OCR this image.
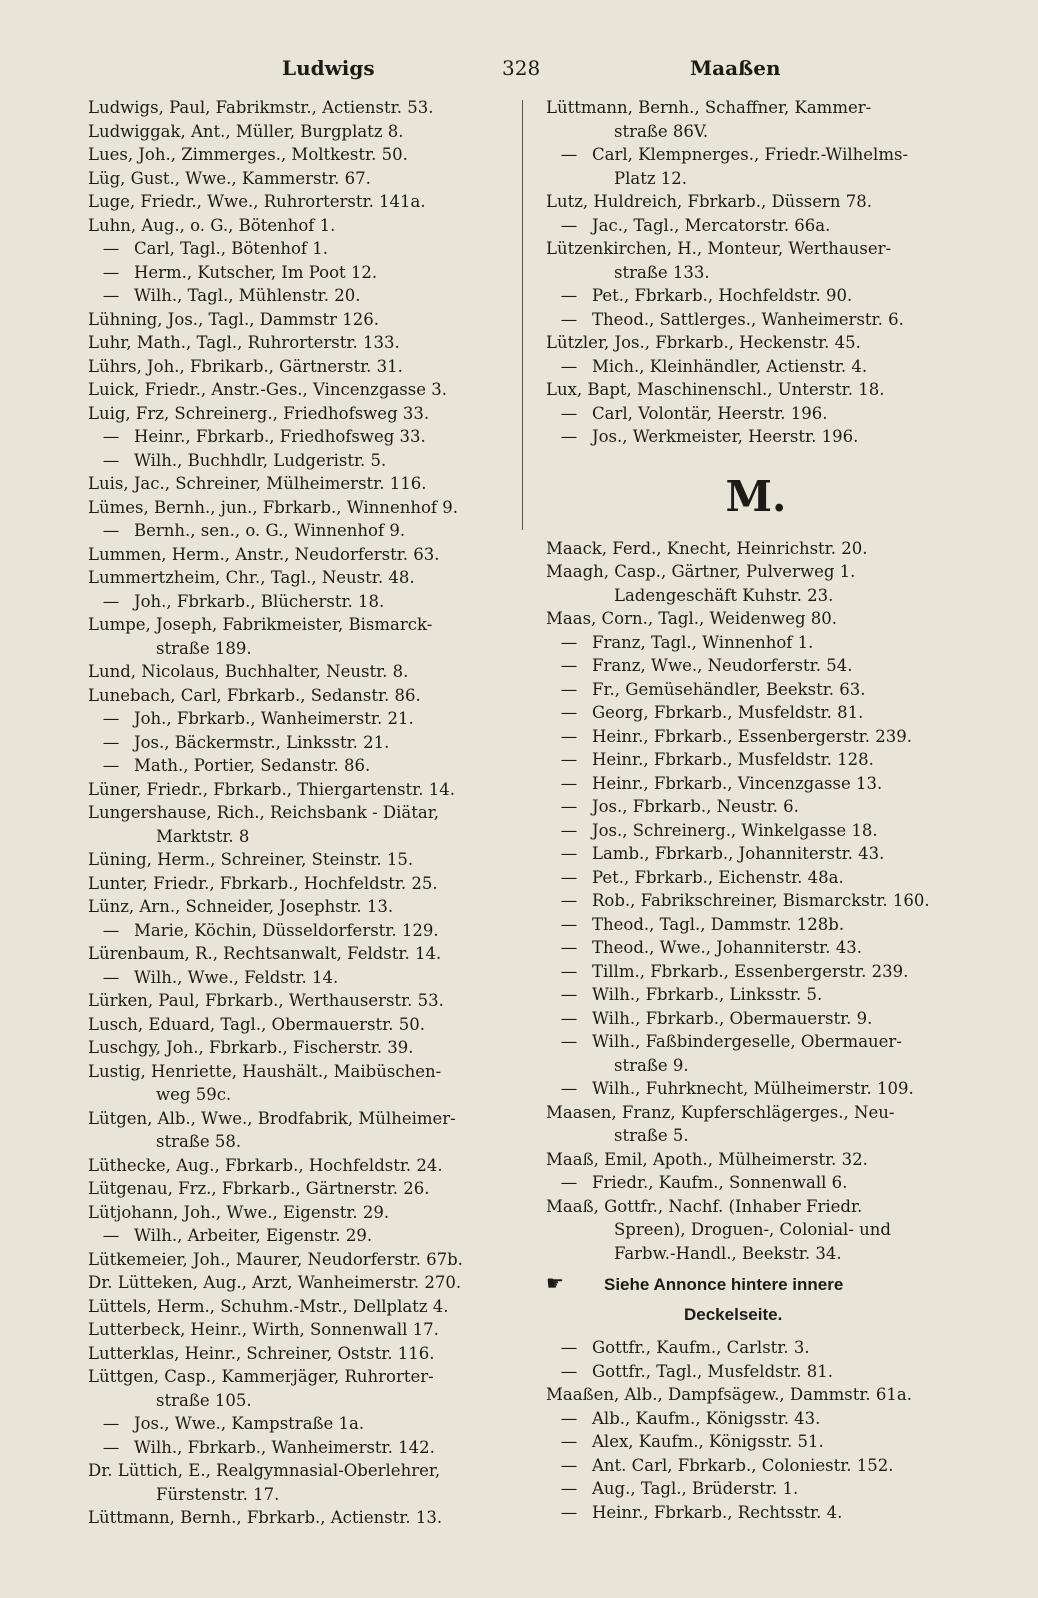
Ludwigs	328	Maaßen
Ludwigs, Paul, Fabrikmstr., Actienstr. 53.
Ludwiggak, Ant., Müller, Burgplatz 8.
Lues, Joh., Zimmerges., Moltkestr. 50.
Lüg, Gust., Wwe., Kammerstr. 67.
Luge, Friedr., Wwe., Ruhrorterstr. 141a.
Luhn, Aug., o. G., Bötenhof 1.
— Carl, Tagl., Bötenhof 1.
— Herm., Kutscher, Im Poot 12.
— Wilh., Tagl., Mühlenstr. 20.
Lühning, Jos., Tagl., Dammstr 126.
Luhr, Math., Tagl., Ruhrorterstr. 133.
Lührs, Joh., Fbrikarb., Gärtnerstr. 31.
Luick, Friedr., Anstr.-Ges., Vincenzgasse 3.
Luig, Frz, Schreinerg., Friedhofsweg 33.
— Heinr., Fbrkarb., Friedhofsweg 33.
— Wilh., Buchhdlr, Ludgeristr. 5.
Luis, Jac., Schreiner, Mülheimerstr. 116.
Lümes, Bernh., jun., Fbrkarb., Winnenhof 9.
— Bernh., sen., o. G., Winnenhof 9.
Lummen, Herm., Anstr., Neudorferstr. 63.
Lummertzheim, Chr., Tagl., Neustr. 48.
— Joh., Fbrkarb., Blücherstr. 18.
Lumpe, Joseph, Fabrikmeister, Bismarck-
straße 189.
Lund, Nicolaus, Buchhalter, Neustr. 8.
Lunebach, Carl, Fbrkarb., Sedanstr. 86.
— Joh., Fbrkarb., Wanheimerstr. 21.
— Jos., Bäckermstr., Linksstr. 21.
— Math., Portier, Sedanstr. 86.
Lüner, Friedr., Fbrkarb., Thiergartenstr. 14.
Lungershause, Rich., Reichsbank - Diätar,
Marktstr. 8
Lüning, Herm., Schreiner, Steinstr. 15.
Lunter, Friedr., Fbrkarb., Hochfeldstr. 25.
Lünz, Arn., Schneider, Josephstr. 13.
— Marie, Köchin, Düsseldorferstr. 129.
Lürenbaum, R., Rechtsanwalt, Feldstr. 14.
— Wilh., Wwe., Feldstr. 14.
Lürken, Paul, Fbrkarb., Werthauserstr. 53.
Lusch, Eduard, Tagl., Obermauerstr. 50.
Luschgy, Joh., Fbrkarb., Fischerstr. 39.
Lustig, Henriette, Haushält., Maibüschen-
weg 59c.
Lütgen, Alb., Wwe., Brodfabrik, Mülheimer-
straße 58.
Lüthecke, Aug., Fbrkarb., Hochfeldstr. 24.
Lütgenau, Frz., Fbrkarb., Gärtnerstr. 26.
Lütjohann, Joh., Wwe., Eigenstr. 29.
— Wilh., Arbeiter, Eigenstr. 29.
Lütkemeier, Joh., Maurer, Neudorferstr. 67b.
Dr. Lütteken, Aug., Arzt, Wanheimerstr. 270.
Lüttels, Herm., Schuhm.-Mstr., Dellplatz 4.
Lutterbeck, Heinr., Wirth, Sonnenwall 17.
Lutterklas, Heinr., Schreiner, Oststr. 116.
Lüttgen, Casp., Kammerjäger, Ruhrorter-
straße 105.
— Jos., Wwe., Kampstraße 1a.
— Wilh., Fbrkarb., Wanheimerstr. 142.
Dr. Lüttich, E., Realgymnasial-Oberlehrer,
Fürstenstr. 17.
Lüttmann, Bernh., Fbrkarb., Actienstr. 13.
Lüttmann, Bernh., Schaffner, Kammer-
straße 86V.
— Carl, Klempnerges., Friedr.-Wilhelms-
Platz 12.
Lutz, Huldreich, Fbrkarb., Düssern 78.
— Jac., Tagl., Mercatorstr. 66a.
Lützenkirchen, H., Monteur, Werthauser-
straße 133.
— Pet., Fbrkarb., Hochfeldstr. 90.
— Theod., Sattlerges., Wanheimerstr. 6.
Lützler, Jos., Fbrkarb., Heckenstr. 45.
— Mich., Kleinhändler, Actienstr. 4.
Lux, Bapt, Maschinenschl., Unterstr. 18.
— Carl, Volontär, Heerstr. 196.
— Jos., Werkmeister, Heerstr. 196.
M.
Maack, Ferd., Knecht, Heinrichstr. 20.
Maagh, Casp., Gärtner, Pulverweg 1.
Ladengeschäft Kuhstr. 23.
Maas, Corn., Tagl., Weidenweg 80.
— Franz, Tagl., Winnenhof 1.
— Franz, Wwe., Neudorferstr. 54.
— Fr., Gemüsehändler, Beekstr. 63.
— Georg, Fbrkarb., Musfeldstr. 81.
— Heinr., Fbrkarb., Essenbergerstr. 239.
— Heinr., Fbrkarb., Musfeldstr. 128.
— Heinr., Fbrkarb., Vincenzgasse 13.
— Jos., Fbrkarb., Neustr. 6.
— Jos., Schreinerg., Winkelgasse 18.
— Lamb., Fbrkarb., Johanniterstr. 43.
— Pet., Fbrkarb., Eichenstr. 48a.
— Rob., Fabrikschreiner, Bismarckstr. 160.
— Theod., Tagl., Dammstr. 128b.
— Theod., Wwe., Johanniterstr. 43.
— Tillm., Fbrkarb., Essenbergerstr. 239.
— Wilh., Fbrkarb., Linksstr. 5.
— Wilh., Fbrkarb., Obermauerstr. 9.
— Wilh., Faßbindergeselle, Obermauer-
straße 9.
— Wilh., Fuhrknecht, Mülheimerstr. 109.
Maasen, Franz, Kupferschlägerges., Neu-
straße 5.
Maaß, Emil, Apoth., Mülheimerstr. 32.
— Friedr., Kaufm., Sonnenwall 6.
Maaß, Gottfr., Nachf. (Inhaber Friedr.
Spreen), Droguen-, Colonial- und
Farbw.-Handl., Beekstr. 34.
☛ Siehe Annonce hintere innere
Deckelseite.
— Gottfr., Kaufm., Carlstr. 3.
— Gottfr., Tagl., Musfeldstr. 81.
Maaßen, Alb., Dampfsägew., Dammstr. 61a.
— Alb., Kaufm., Königsstr. 43.
— Alex, Kaufm., Königsstr. 51.
— Ant. Carl, Fbrkarb., Coloniestr. 152.
— Aug., Tagl., Brüderstr. 1.
— Heinr., Fbrkarb., Rechtsstr. 4.
